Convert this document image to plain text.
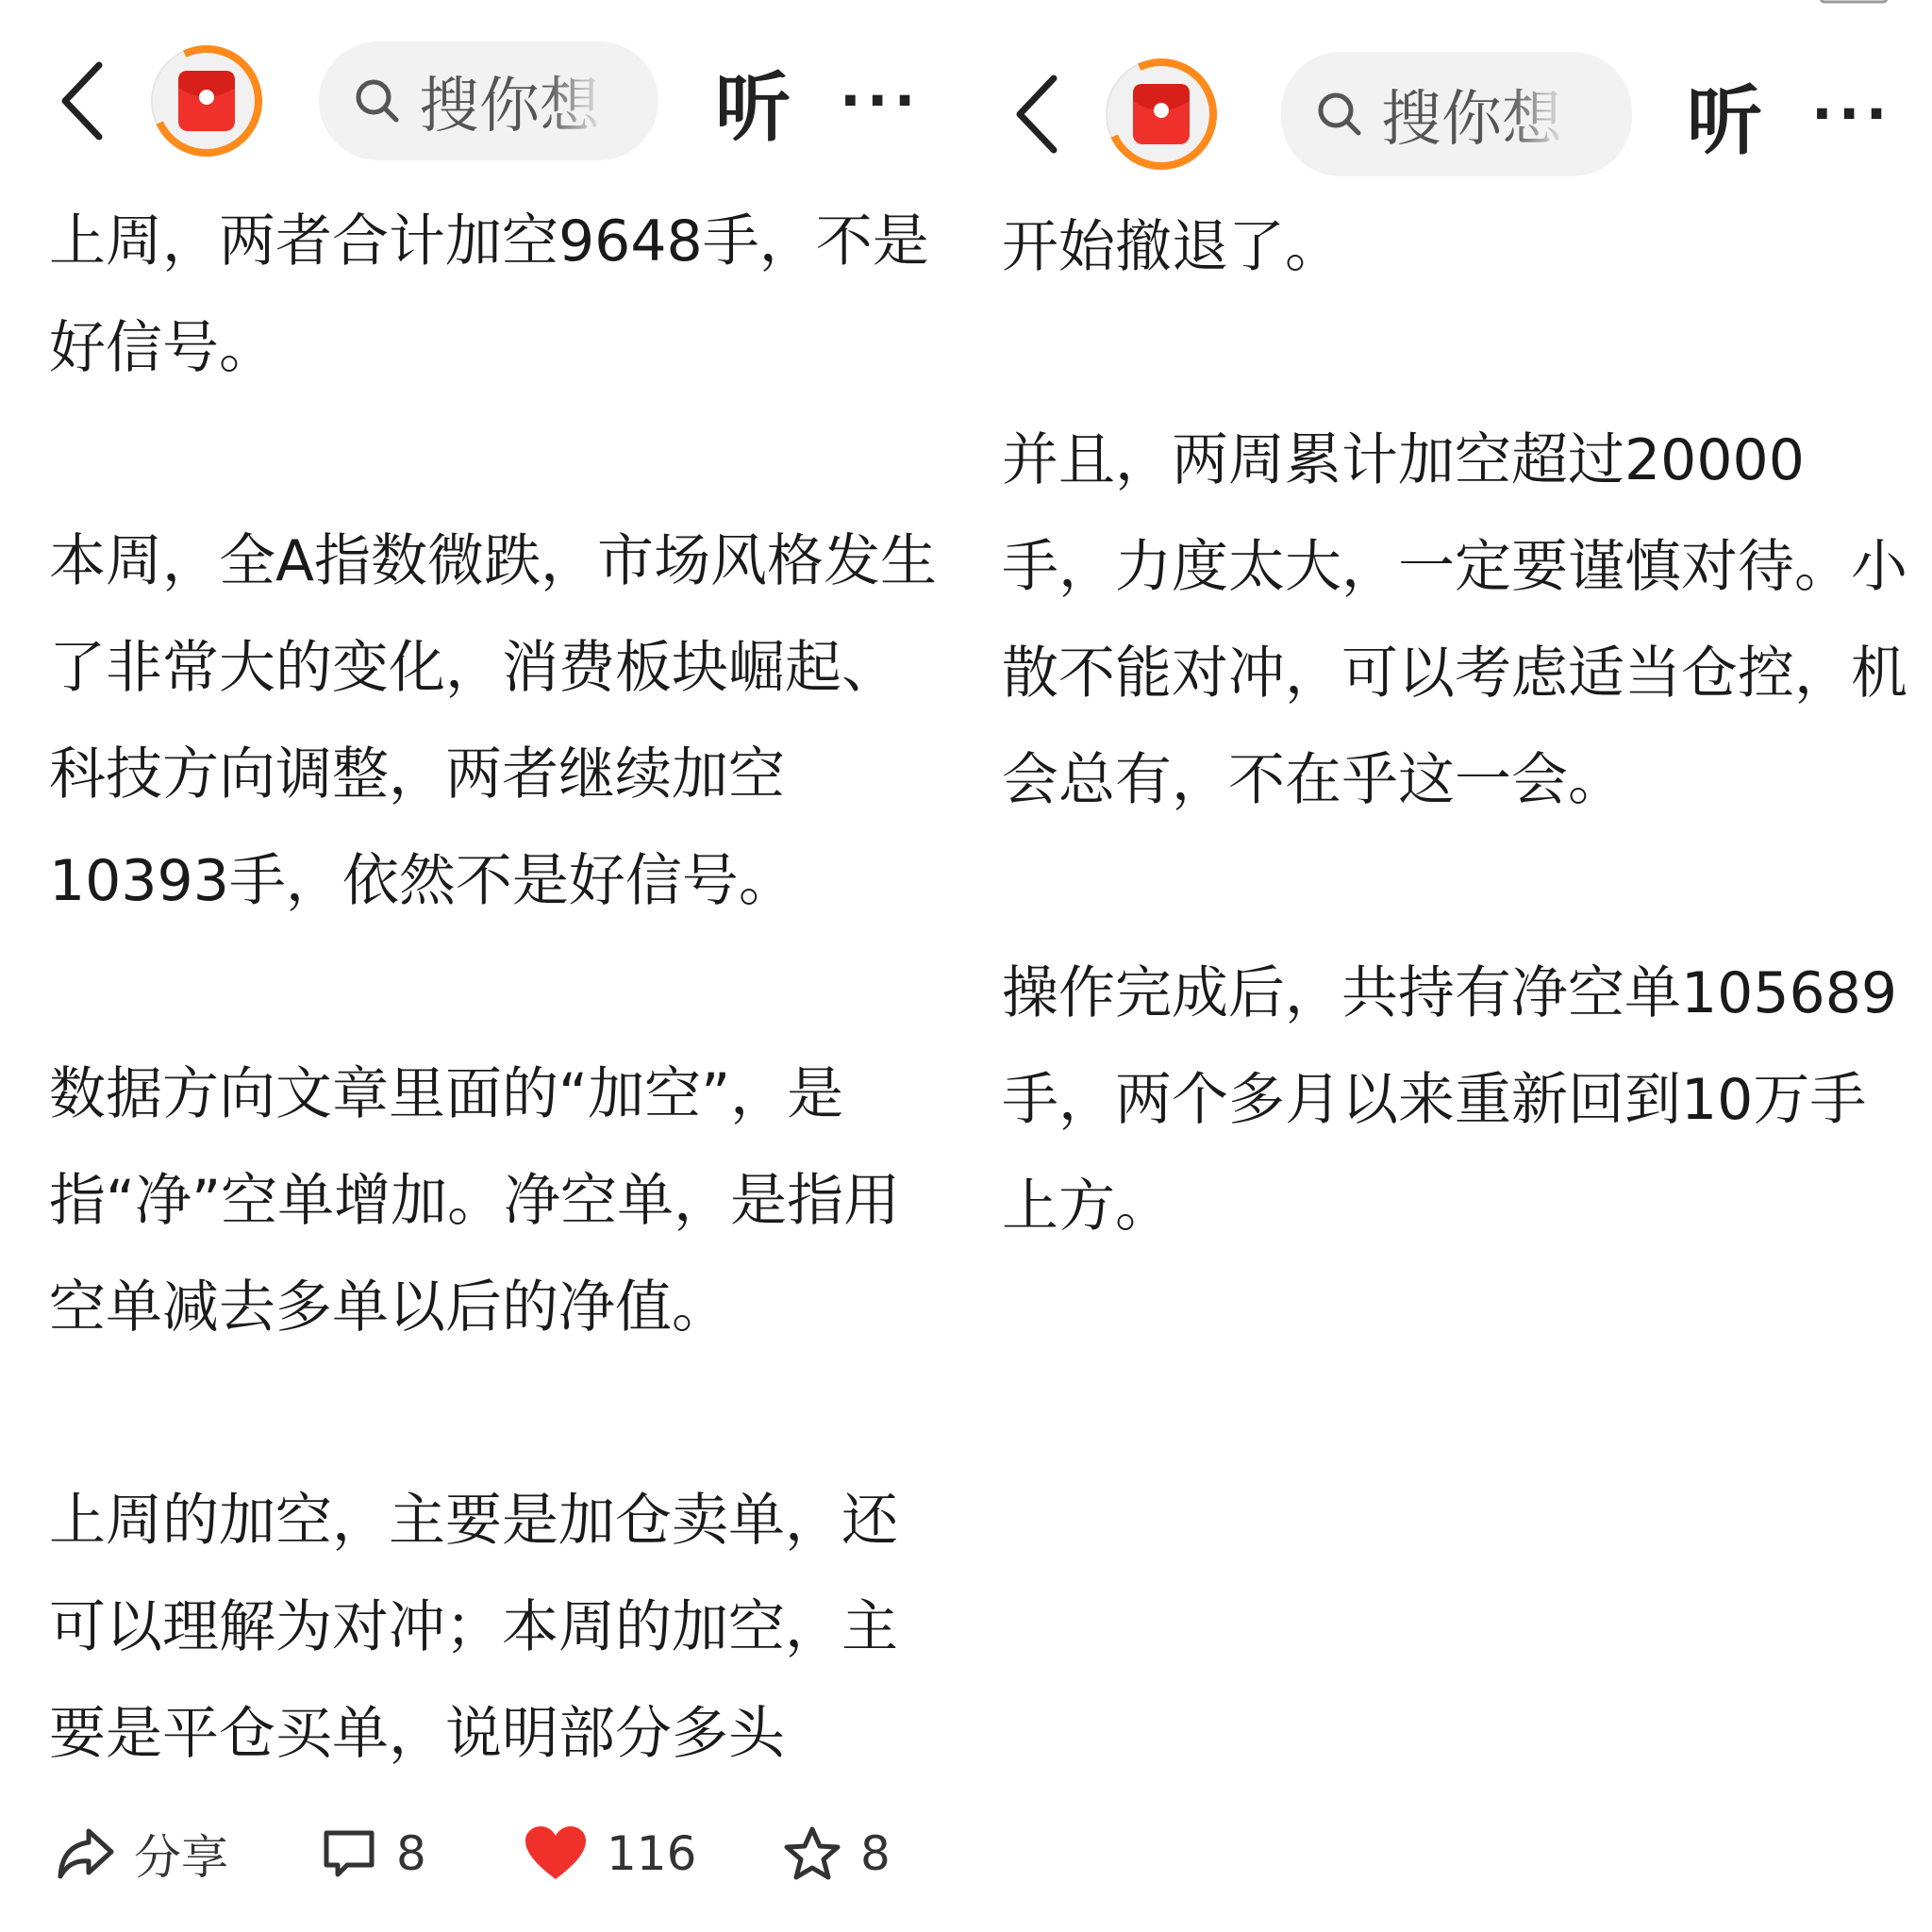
搜你想 听 ···

上周，两者合计加空9648手，不是好信号。

本周，全A指数微跌，市场风格发生了非常大的变化，消费板块崛起、科技方向调整，两者继续加空10393手，依然不是好信号。

数据方向文章里面的“加空”，是指“净”空单增加。净空单，是指用空单减去多单以后的净值。

上周的加空，主要是加仓卖单，还可以理解为对冲；本周的加空，主要是平仓买单，说明部分多头

分享	8	116	8
搜你想 听 ···

开始撤退了。

并且，两周累计加空超过20000手，力度太大，一定要谨慎对待。小散不能对冲，可以考虑适当仓控，机会总有，不在乎这一会。

操作完成后，共持有净空单105689手，两个多月以来重新回到10万手上方。
